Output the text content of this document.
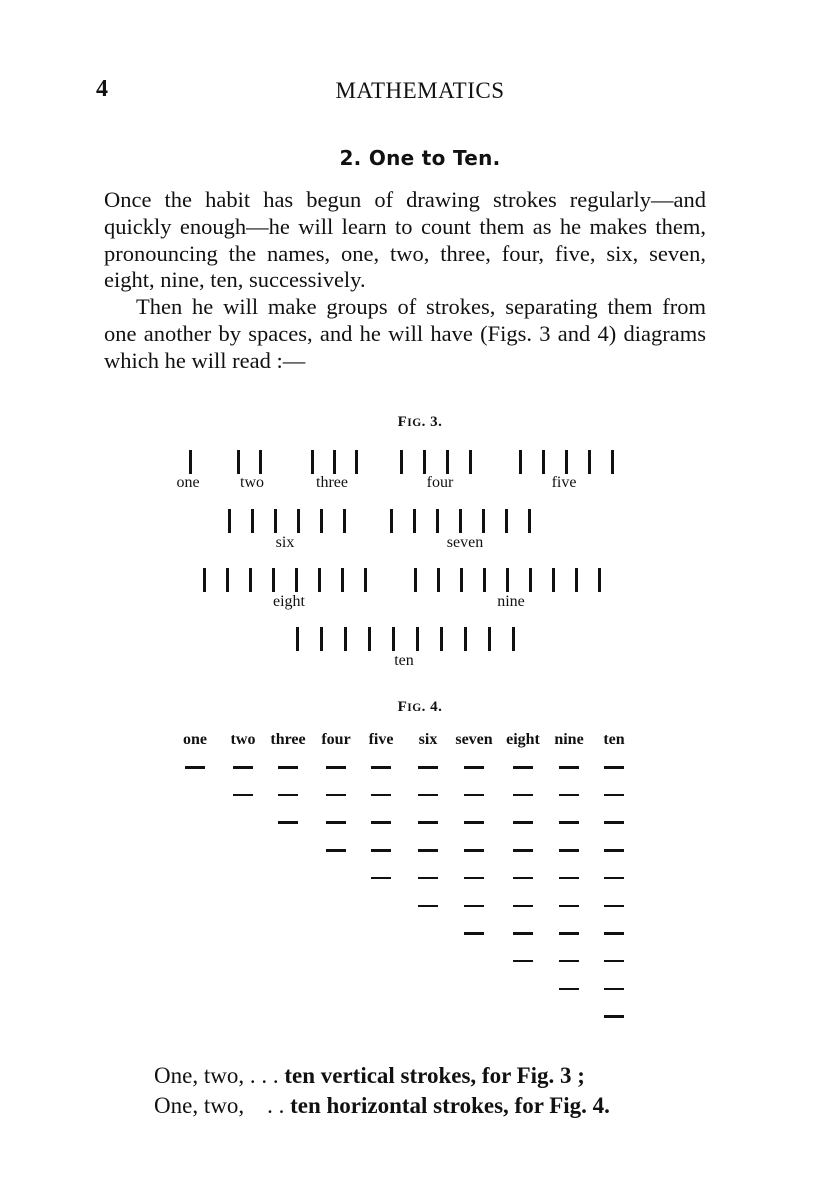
4	MATHEMATICS
2. One to Ten.

Once the habit has begun of drawing strokes regularly—and quickly enough—he will learn to count them as he makes them, pronouncing the names, one, two, three, four, five, six, seven, eight, nine, ten, successively.

Then he will make groups of strokes, separating them from one another by spaces, and he will have (Figs. 3 and 4) diagrams which he will read :—

FIG. 3.
one	two	three	four	five
six	seven
eight	nine
ten
FIG. 4.
one two three four five six seven eight nine ten
One, two, . . . ten vertical strokes, for Fig. 3 ;
One, two,    . . ten horizontal strokes, for Fig. 4.
